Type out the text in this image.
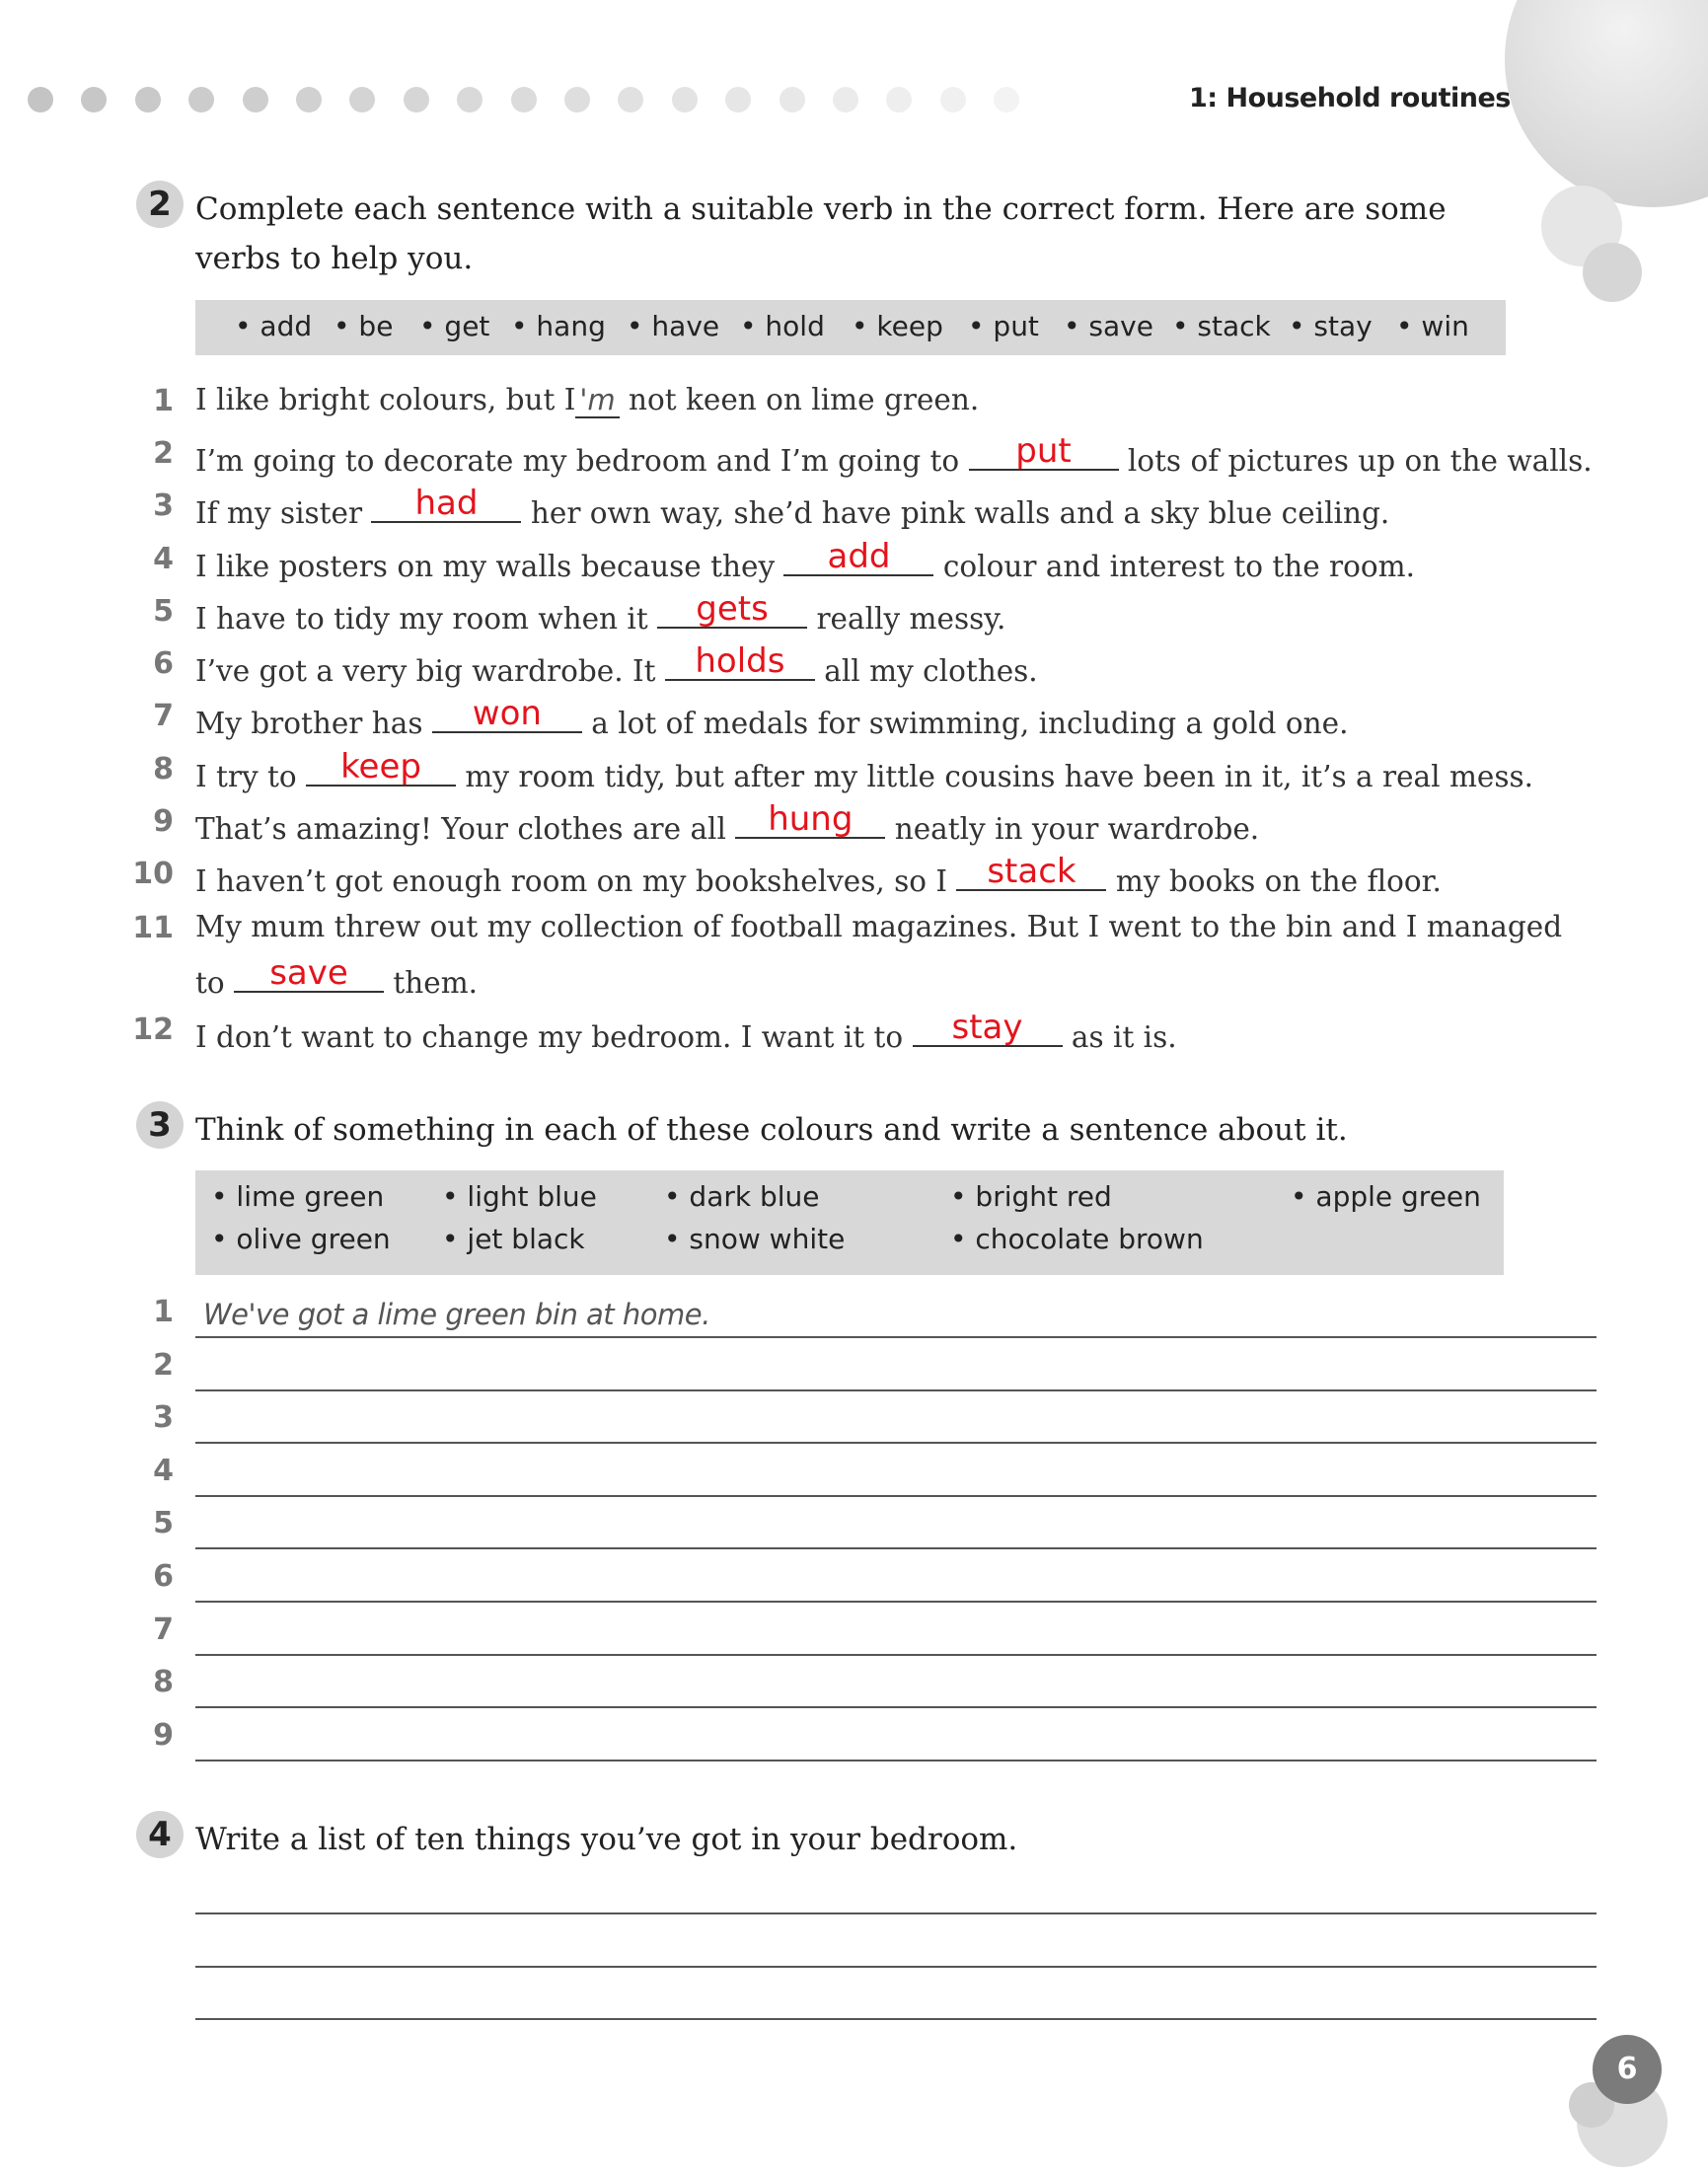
1: Household routines
2 Complete each sentence with a suitable verb in the correct form. Here are some
verbs to help you.
• add • be • get • hang • have • hold • keep • put • save • stack • stay • win
1 I like bright colours, but I 'm not keen on lime green.
2 I’m going to decorate my bedroom and I’m going to	put	lots of pictures up on the walls.
3 If my sister	had	her own way, she’d have pink walls and a sky blue ceiling.
4 I like posters on my walls because they	add	colour and interest to the room.
5 I have to tidy my room when it	gets	really messy.
6 I’ve got a very big wardrobe. It holds	all my clothes.
7 My brother has	won	a lot of medals for swimming, including a gold one.
8 I try to	keep	my room tidy, but after my little cousins have been in it, it’s a real mess.
9 That’s amazing! Your clothes are all hung	neatly in your wardrobe.
10 I haven’t got enough room on my bookshelves, so I stack	my books on the floor.
11 My mum threw out my collection of football magazines. But I went to the bin and I managed
to	save	them.
12 I don’t want to change my bedroom. I want it to	stay	as it is.
3 Think of something in each of these colours and write a sentence about it.
• lime green • light blue • dark blue	• bright red	• apple green
• olive green • jet black	• snow white	• chocolate brown
1
2
3
4
5
6
7
8
9
We've got a lime green bin at home.
4 Write a list of ten things you’ve got in your bedroom.
6
